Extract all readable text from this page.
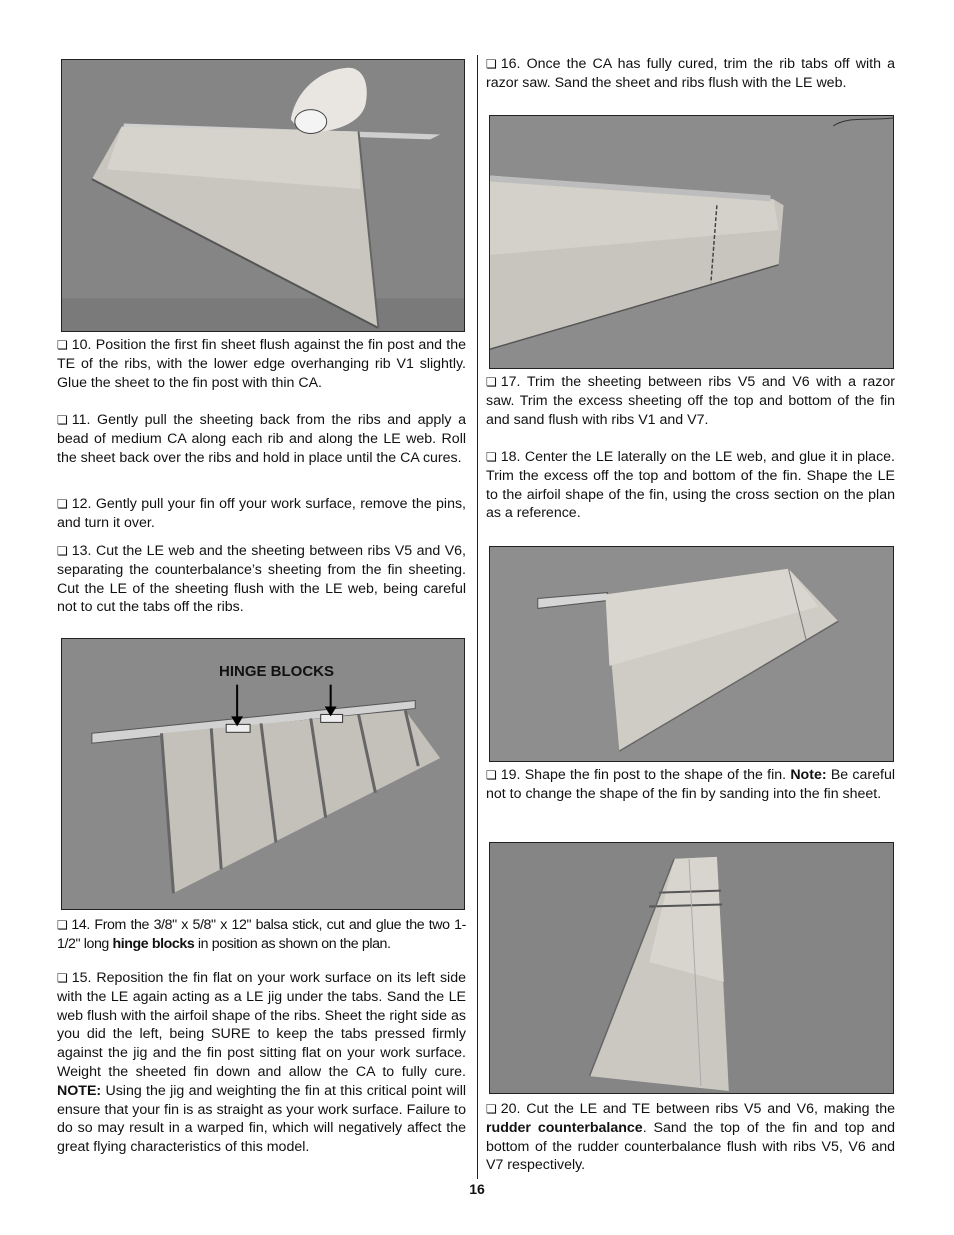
❏ 10. Position the first fin sheet flush against the fin post and the TE of the ribs, with the lower edge overhanging rib V1 slightly. Glue the sheet to the fin post with thin CA.

❏ 11. Gently pull the sheeting back from the ribs and apply a bead of medium CA along each rib and along the LE web. Roll the sheet back over the ribs and hold in place until the CA cures.

❏ 12. Gently pull your fin off your work surface, remove the pins, and turn it over.

❏ 13. Cut the LE web and the sheeting between ribs V5 and V6, separating the counterbalance’s sheeting from the fin sheeting. Cut the LE of the sheeting flush with the LE web, being careful not to cut the tabs off the ribs.

HINGE BLOCKS

❏ 14. From the 3/8" x 5/8" x 12" balsa stick, cut and glue the two 1-1/2" long hinge blocks in position as shown on the plan.

❏ 15. Reposition the fin flat on your work surface on its left side with the LE again acting as a LE jig under the tabs. Sand the LE web flush with the airfoil shape of the ribs. Sheet the right side as you did the left, being SURE to keep the tabs pressed firmly against the jig and the fin post sitting flat on your work surface. Weight the sheeted fin down and allow the CA to fully cure. NOTE: Using the jig and weighting the fin at this critical point will ensure that your fin is as straight as your work surface. Failure to do so may result in a warped fin, which will negatively affect the great flying characteristics of this model.

❏ 16. Once the CA has fully cured, trim the rib tabs off with a razor saw. Sand the sheet and ribs flush with the LE web.

❏ 17. Trim the sheeting between ribs V5 and V6 with a razor saw. Trim the excess sheeting off the top and bottom of the fin and sand flush with ribs V1 and V7.

❏ 18. Center the LE laterally on the LE web, and glue it in place. Trim the excess off the top and bottom of the fin. Shape the LE to the airfoil shape of the fin, using the cross section on the plan as a reference.

❏ 19. Shape the fin post to the shape of the fin. Note: Be careful not to change the shape of the fin by sanding into the fin sheet.

❏ 20. Cut the LE and TE between ribs V5 and V6, making the rudder counterbalance. Sand the top of the fin and top and bottom of the rudder counterbalance flush with ribs V5, V6 and V7 respectively.

16
